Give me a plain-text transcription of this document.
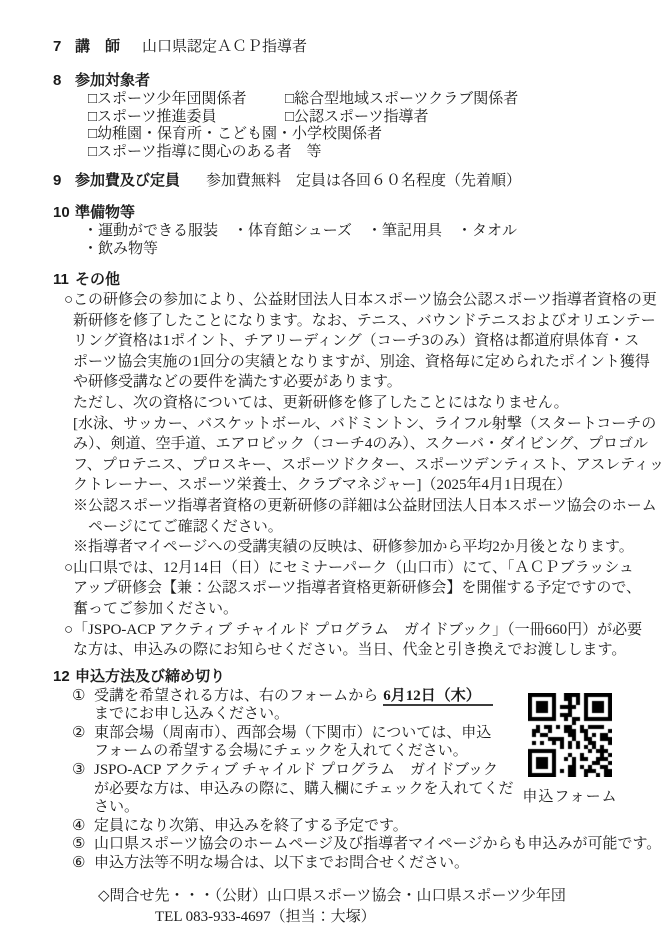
7 講　師 山口県認定ＡＣＰ指導者
8 参加対象者
□スポーツ少年団関係者	□総合型地域スポーツクラブ関係者
□スポーツ推進委員	□公認スポーツ指導者
□幼稚園・保育所・こども園・小学校関係者
□スポーツ指導に関心のある者　等
9 参加費及び定員 参加費無料　定員は各回６０名程度（先着順）
10 準備物等
・運動ができる服装　・体育館シューズ　・筆記用具　・タオル
・飲み物等
11 その他
○この研修会の参加により、公益財団法人日本スポーツ協会公認スポーツ指導者資格の更
新研修を修了したことになります。なお、テニス、バウンドテニスおよびオリエンテー
リング資格は1ポイント、チアリーディング（コーチ3のみ）資格は都道府県体育・ス
ポーツ協会実施の1回分の実績となりますが、別途、資格毎に定められたポイント獲得
や研修受講などの要件を満たす必要があります。
ただし、次の資格については、更新研修を修了したことにはなりません。
[水泳、サッカー、バスケットボール、バドミントン、ライフル射撃（スタートコーチの
み）、剣道、空手道、エアロビック（コーチ4のみ）、スクーバ・ダイビング、プロゴル
フ、プロテニス、プロスキー、スポーツドクター、スポーツデンティスト、アスレティッ
クトレーナー、スポーツ栄養士、クラブマネジャー]（2025年4月1日現在）
※公認スポーツ指導者資格の更新研修の詳細は公益財団法人日本スポーツ協会のホーム
ページにてご確認ください。
※指導者マイページへの受講実績の反映は、研修参加から平均2か月後となります。
○山口県では、12月14日（日）にセミナーパーク（山口市）にて、「ＡＣＰブラッシュ
アップ研修会【兼：公認スポーツ指導者資格更新研修会】を開催する予定ですので、
奮ってご参加ください。
○「JSPO-ACP アクティブ チャイルド プログラム　ガイドブック」（一冊660円）が必要
な方は、申込みの際にお知らせください。当日、代金と引き換えでお渡しします。
12 申込方法及び締め切り
① 受講を希望される方は、右のフォームから 6月12日（木）
までにお申し込みください。
② 東部会場（周南市）、西部会場（下関市）については、申込
フォームの希望する会場にチェックを入れてください。
③ JSPO-ACP アクティブ チャイルド プログラム　ガイドブック
が必要な方は、申込みの際に、購入欄にチェックを入れてくだ
さい。
申込フォーム
④ 定員になり次第、申込みを終了する予定です。
⑤ 山口県スポーツ協会のホームページ及び指導者マイページからも申込みが可能です。
⑥ 申込方法等不明な場合は、以下までお問合せください。
◇問合せ先・・・（公財）山口県スポーツ協会・山口県スポーツ少年団
TEL 083-933-4697（担当：大塚）
